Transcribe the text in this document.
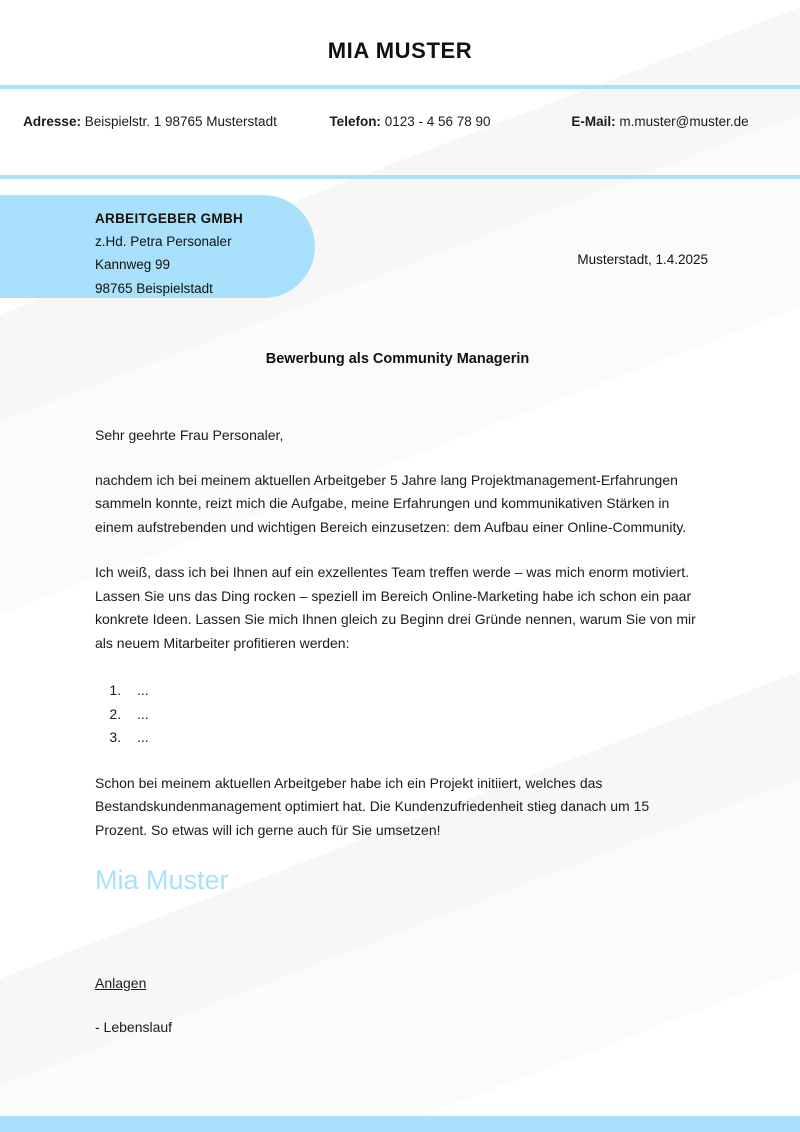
MIA MUSTER
Adresse: Beispielstr. 1 98765 Musterstadt	Telefon: 0123 - 4 56 78 90	E-Mail: m.muster@muster.de
ARBEITGEBER GMBH
z.Hd. Petra Personaler
Kannweg 99
98765 Beispielstadt
Musterstadt, 1.4.2025
Bewerbung als Community Managerin
Sehr geehrte Frau Personaler,
nachdem ich bei meinem aktuellen Arbeitgeber 5 Jahre lang Projektmanagement-Erfahrungen sammeln konnte, reizt mich die Aufgabe, meine Erfahrungen und kommunikativen Stärken in einem aufstrebenden und wichtigen Bereich einzusetzen: dem Aufbau einer Online-Community.
Ich weiß, dass ich bei Ihnen auf ein exzellentes Team treffen werde – was mich enorm motiviert. Lassen Sie uns das Ding rocken – speziell im Bereich Online-Marketing habe ich schon ein paar konkrete Ideen. Lassen Sie mich Ihnen gleich zu Beginn drei Gründe nennen, warum Sie von mir als neuem Mitarbeiter profitieren werden:
1. ...
2. ...
3. ...
Schon bei meinem aktuellen Arbeitgeber habe ich ein Projekt initiiert, welches das Bestandskundenmanagement optimiert hat. Die Kundenzufriedenheit stieg danach um 15 Prozent. So etwas will ich gerne auch für Sie umsetzen!
Mia Muster
Anlagen
- Lebenslauf
